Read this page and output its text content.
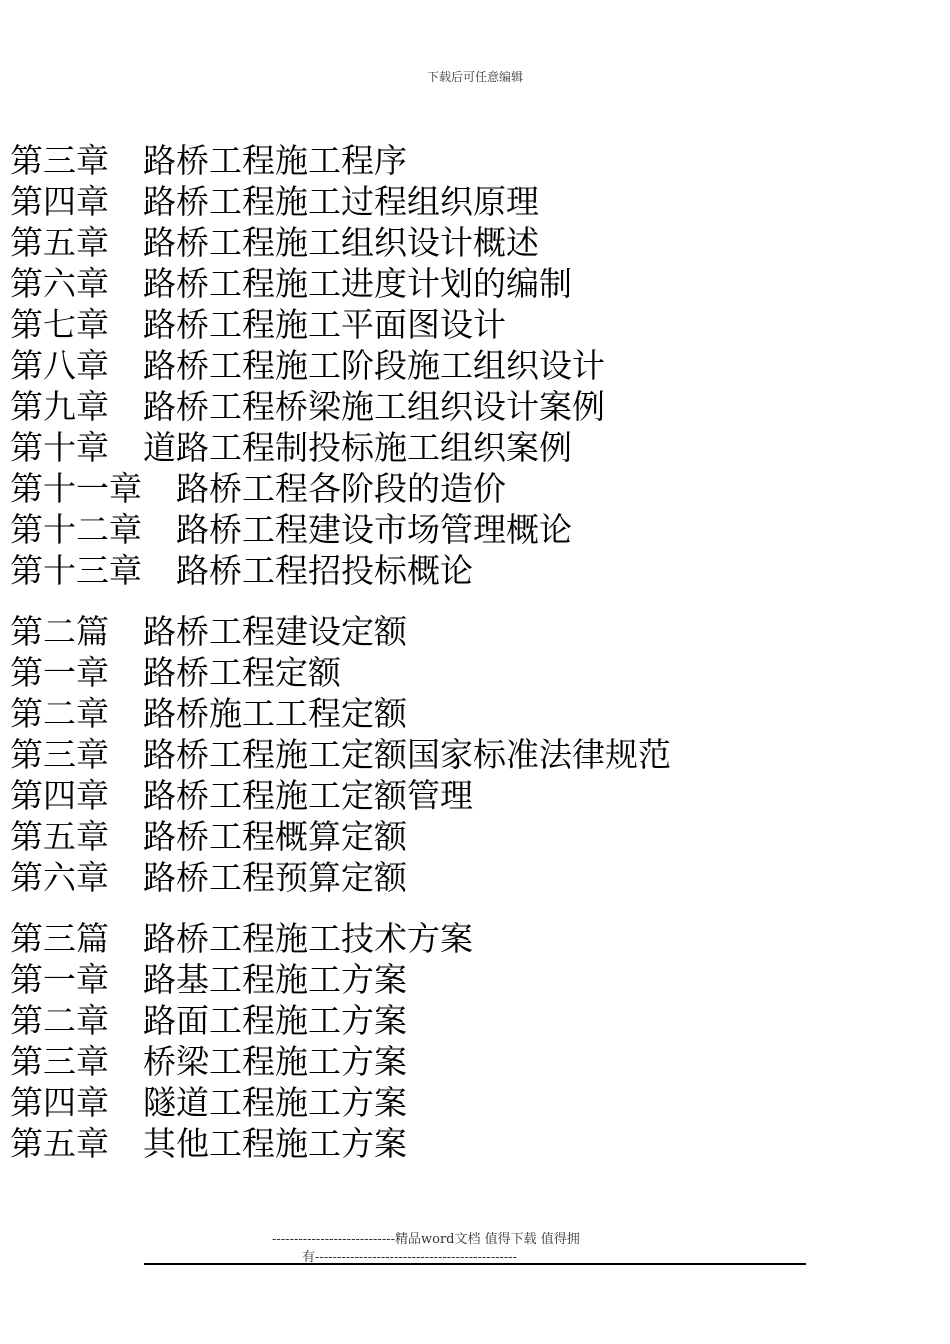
下载后可任意编辑
第三章 路桥工程施工程序
第四章 路桥工程施工过程组织原理
第五章 路桥工程施工组织设计概述
第六章 路桥工程施工进度计划的编制
第七章 路桥工程施工平面图设计
第八章 路桥工程施工阶段施工组织设计
第九章 路桥工程桥梁施工组织设计案例
第十章 道路工程制投标施工组织案例
第十一章 路桥工程各阶段的造价
第十二章 路桥工程建设市场管理概论
第十三章 路桥工程招投标概论
第二篇 路桥工程建设定额
第一章 路桥工程定额
第二章 路桥施工工程定额
第三章 路桥工程施工定额国家标准法律规范
第四章 路桥工程施工定额管理
第五章 路桥工程概算定额
第六章 路桥工程预算定额
第三篇 路桥工程施工技术方案
第一章 路基工程施工方案
第二章 路面工程施工方案
第三章 桥梁工程施工方案
第四章 隧道工程施工方案
第五章 其他工程施工方案
----------------------------精品word文档 值得下载 值得拥
有----------------------------------------------
